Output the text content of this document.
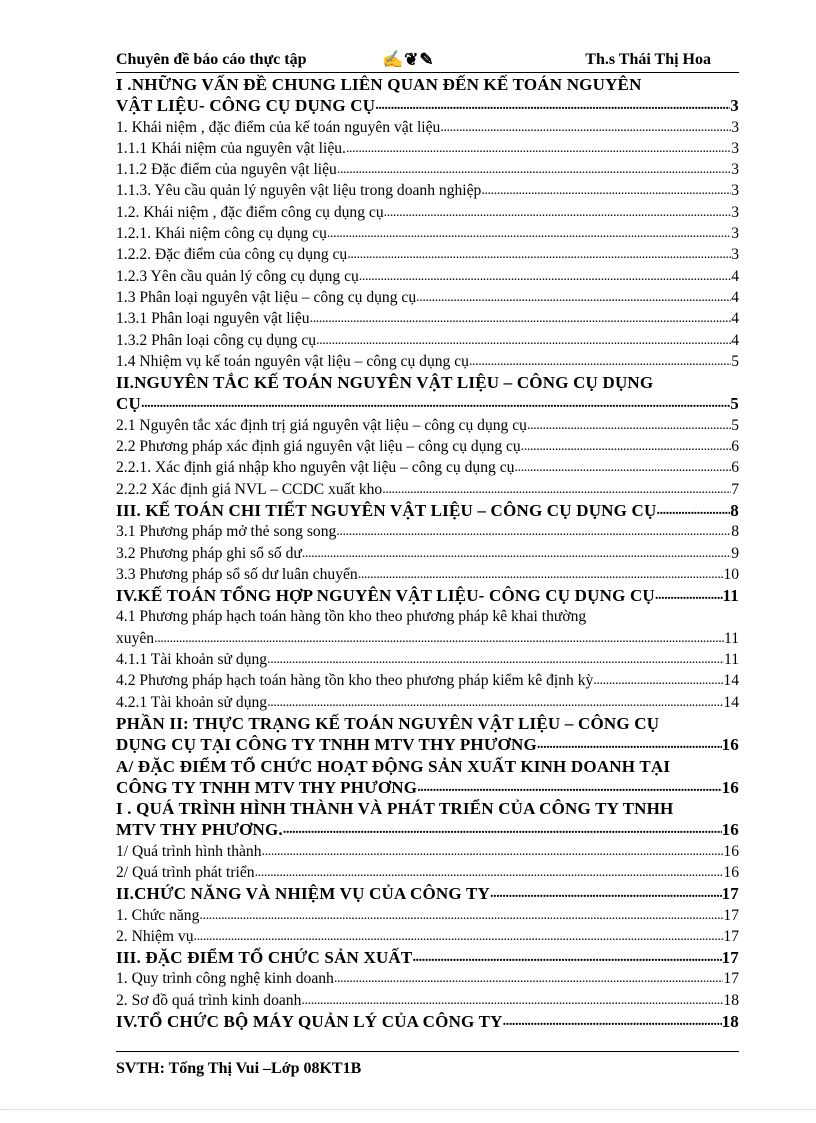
Chuyên đề báo cáo thực tập	✍❦✎	Th.s Thái Thị Hoa
I .NHỮNG VẤN ĐỀ CHUNG LIÊN QUAN ĐẾN KẾ TOÁN NGUYÊN
VẬT LIỆU- CÔNG CỤ DỤNG CỤ .....	3
1. Khái niệm , đặc điểm của kế toán nguyên vật liệu .....	3
1.1.1 Khái niệm của nguyên vật liệu. .....	3
1.1.2 Đặc điểm của nguyên vật liệu .....	3
1.1.3. Yêu cầu quản lý nguyên vật liệu trong doanh nghiệp .....	3
1.2. Khái niệm , đặc điểm công cụ dụng cụ .....	3
1.2.1. Khái niệm công cụ dụng cụ .....	3
1.2.2. Đặc điểm của công cụ dụng cụ .....	3
1.2.3 Yên cầu quản lý công cụ dụng cụ .....	4
1.3 Phân loại nguyên vật liệu – công cụ dụng cụ .....	4
1.3.1 Phân loại nguyên vật liệu .....	4
1.3.2 Phân loại công cụ dụng cụ .....	4
1.4 Nhiệm vụ kế toán nguyên vật liệu – công cụ dụng cụ .....	5
II.NGUYÊN TẮC KẾ TOÁN NGUYÊN VẬT LIỆU – CÔNG CỤ DỤNG
CỤ .....	5
2.1 Nguyên tắc xác định trị giá nguyên vật liệu – công cụ dụng cụ .....	5
2.2 Phương pháp xác định giá nguyên vật liệu – công cụ dụng cụ .....	6
2.2.1. Xác định giá nhập kho nguyên vật liệu – công cụ dụng cụ .....	6
2.2.2 Xác định giá NVL – CCDC xuất kho .....	7
III. KẾ TOÁN CHI TIẾT NGUYÊN VẬT LIỆU – CÔNG CỤ DỤNG CỤ .....	8
3.1 Phương pháp mở thẻ song song .....	8
3.2 Phương pháp ghi sổ số dư .....	9
3.3 Phương pháp sổ số dư luân chuyển .....	10
IV.KẾ TOÁN TỔNG HỢP NGUYÊN VẬT LIỆU- CÔNG CỤ DỤNG CỤ .....	11
4.1 Phương pháp hạch toán hàng tồn kho theo phương pháp kê khai thường
xuyên .....	11
4.1.1 Tài khoản sử dụng .....	11
4.2 Phương pháp hạch toán hàng tồn kho theo phương pháp kiểm kê định kỳ .....	14
4.2.1 Tài khoản sử dụng .....	14
PHẦN II: THỰC TRẠNG KẾ TOÁN NGUYÊN VẬT LIỆU – CÔNG CỤ
DỤNG CỤ TẠI CÔNG TY TNHH MTV THY PHƯƠNG .....	16
A/ ĐẶC ĐIỂM TỔ CHỨC HOẠT ĐỘNG SẢN XUẤT KINH DOANH TẠI
CÔNG TY TNHH MTV THY PHƯƠNG .....	16
I . QUÁ TRÌNH HÌNH THÀNH VÀ PHÁT TRIỂN CỦA CÔNG TY TNHH
MTV THY PHƯƠNG. .....	16
1/ Quá trình hình thành .....	16
2/ Quá trình phát triển .....	16
II.CHỨC NĂNG VÀ NHIỆM VỤ CỦA CÔNG TY .....	17
1. Chức năng .....	17
2. Nhiệm vụ .....	17
III. ĐẶC ĐIỂM TỔ CHỨC SẢN XUẤT .....	17
1. Quy trình công nghệ kinh doanh .....	17
2. Sơ đồ quá trình kinh doanh .....	18
IV.TỔ CHỨC BỘ MÁY QUẢN LÝ CỦA CÔNG TY .....	18
SVTH: Tống Thị Vui –Lớp 08KT1B
